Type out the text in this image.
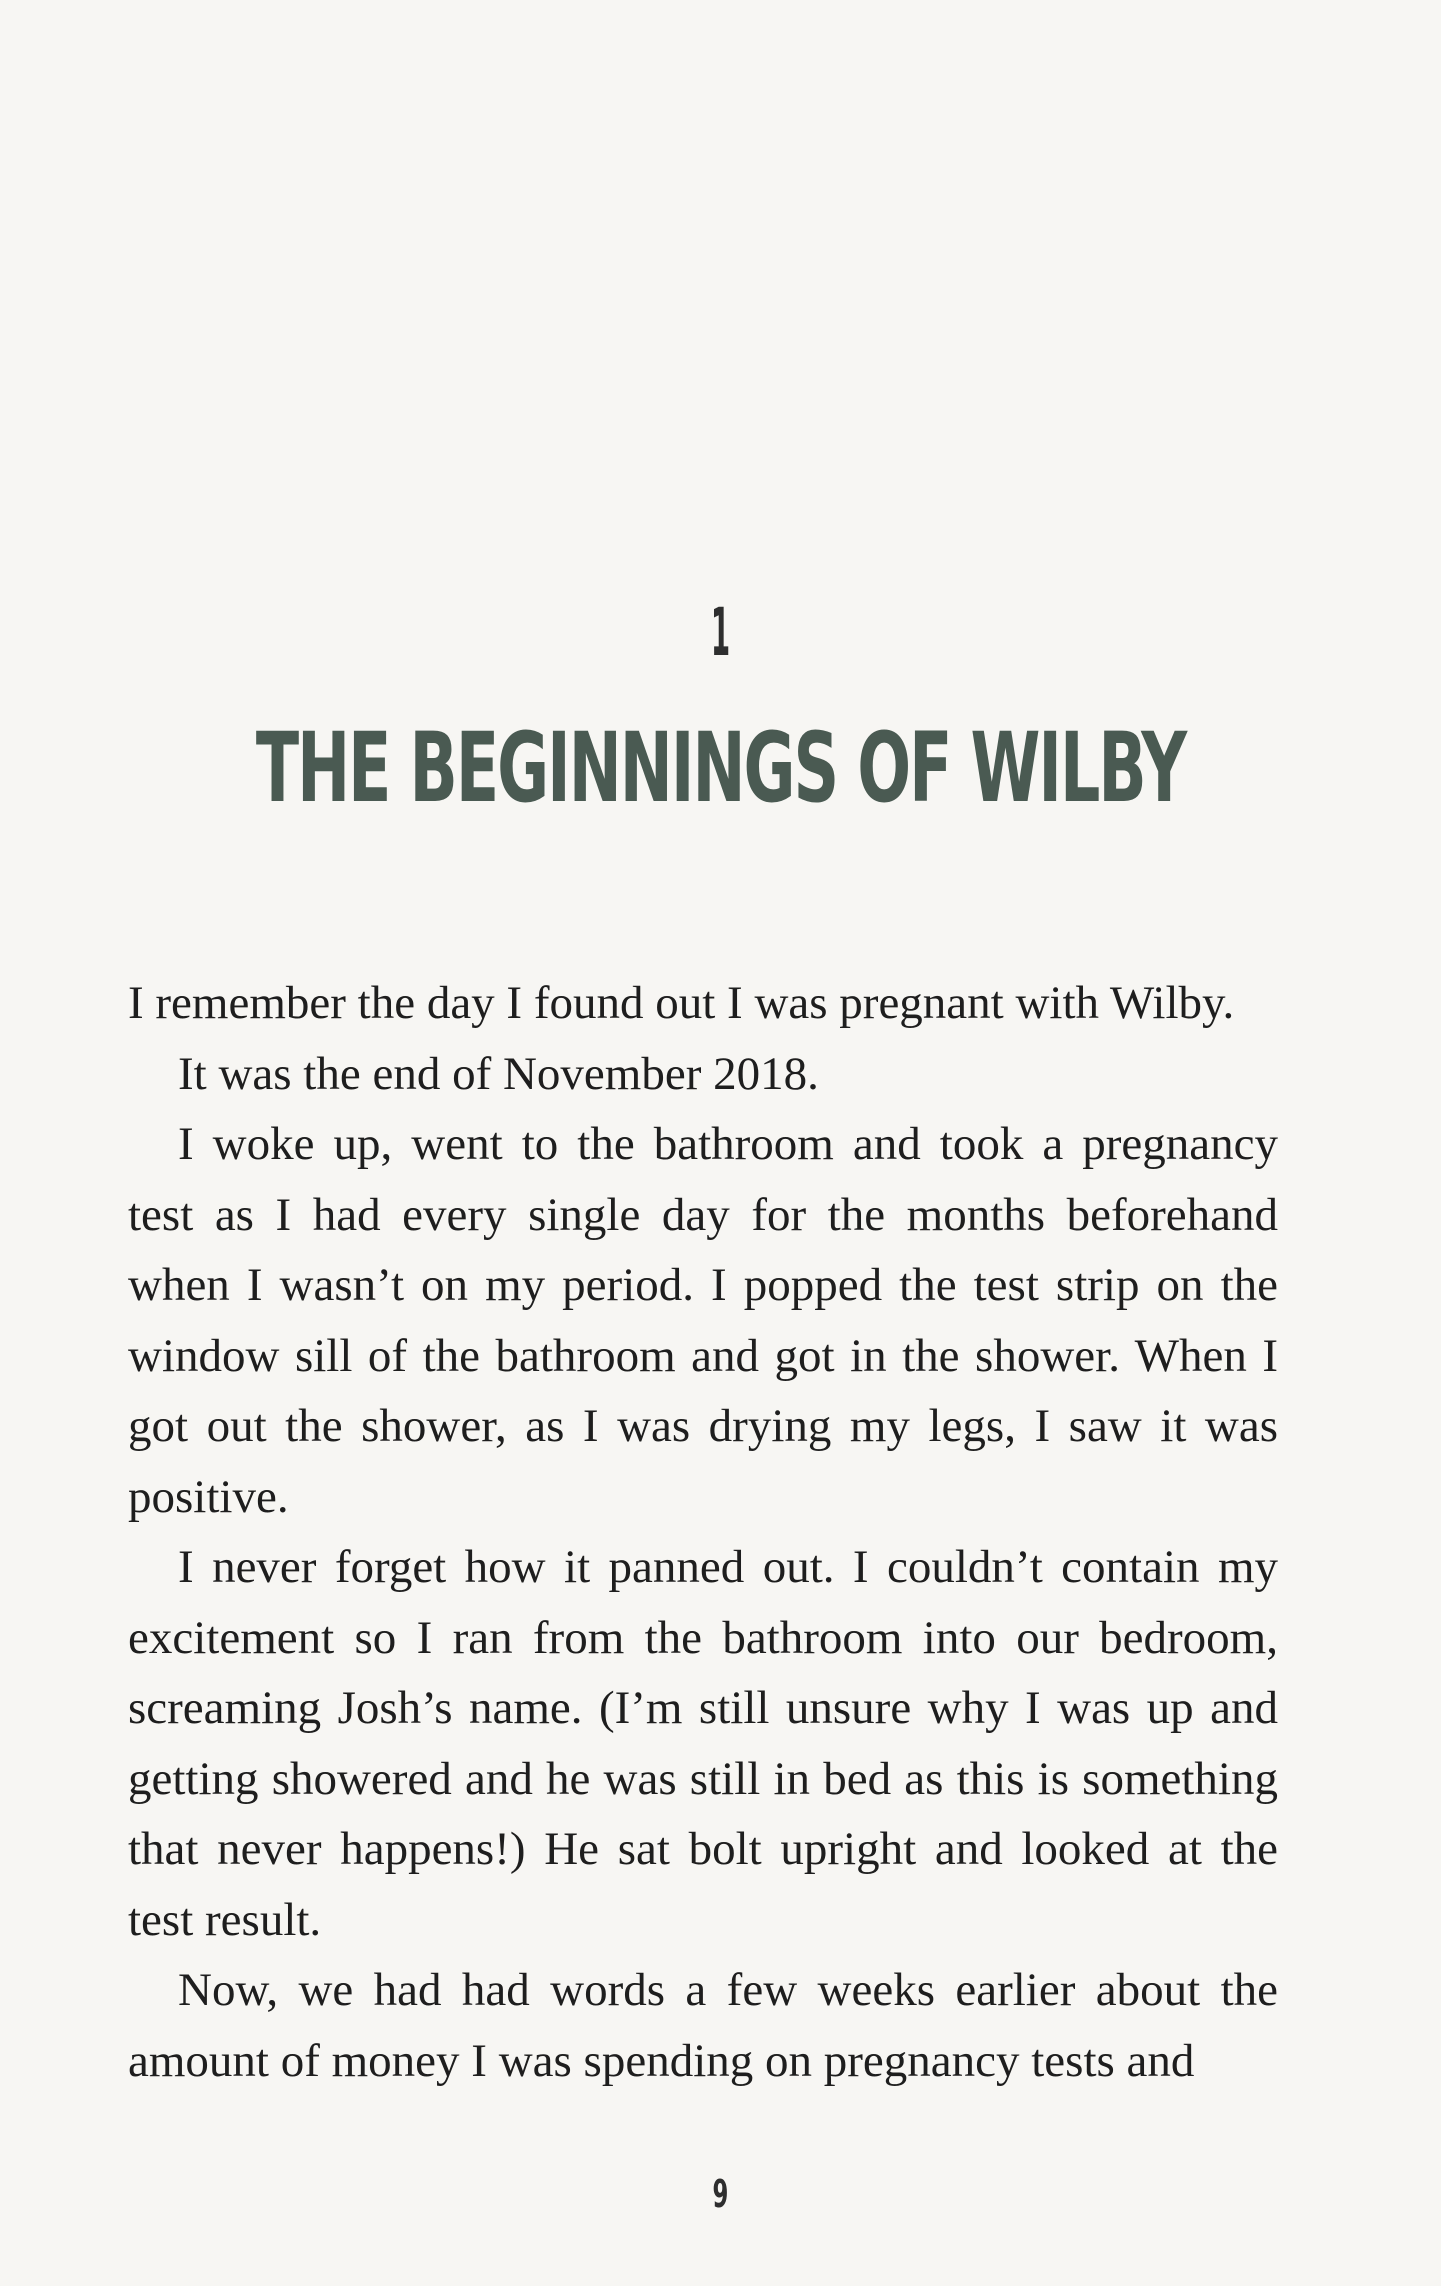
1
THE BEGINNINGS OF WILBY

I remember the day I found out I was pregnant with Wilby.

It was the end of November 2018.

I woke up, went to the bathroom and took a pregnancy test as I had every single day for the months beforehand when I wasn’t on my period. I popped the test strip on the window sill of the bathroom and got in the shower. When I got out the shower, as I was drying my legs, I saw it was positive.

I never forget how it panned out. I couldn’t contain my excitement so I ran from the bathroom into our bedroom, screaming Josh’s name. (I’m still unsure why I was up and getting showered and he was still in bed as this is something that never happens!) He sat bolt upright and looked at the test result.

Now, we had had words a few weeks earlier about the amount of money I was spending on pregnancy tests and

9
